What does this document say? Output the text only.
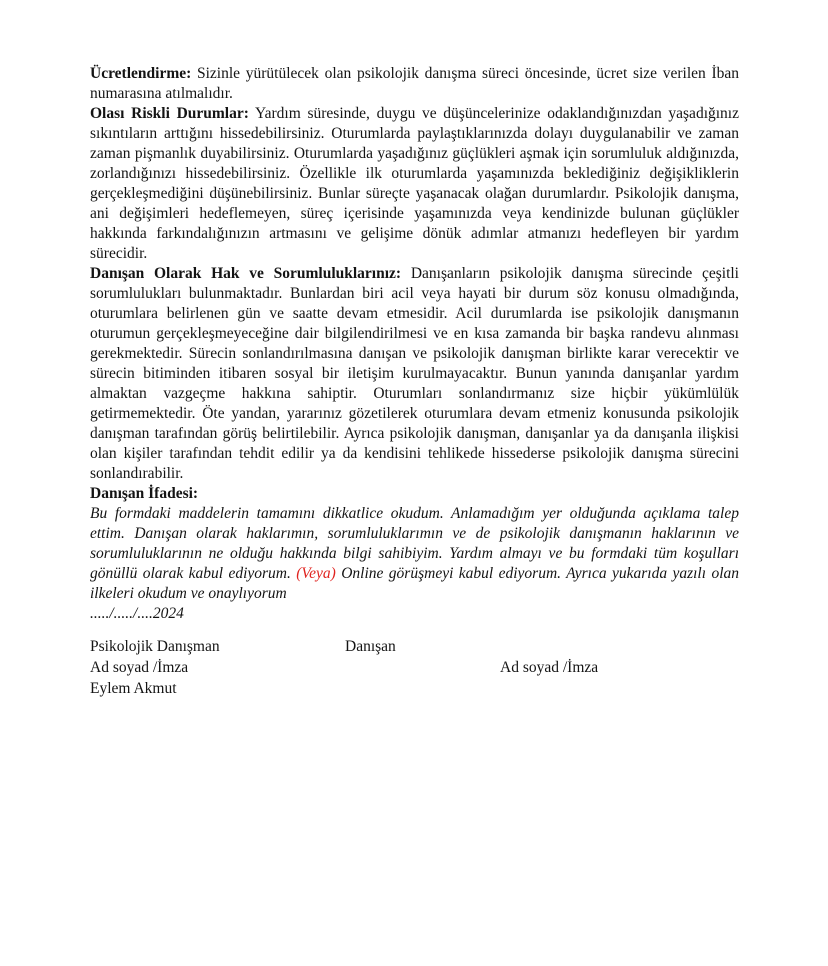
Ücretlendirme: Sizinle yürütülecek olan psikolojik danışma süreci öncesinde, ücret size verilen İban numarasına atılmalıdır.

Olası Riskli Durumlar: Yardım süresinde, duygu ve düşüncelerinize odaklandığınızdan yaşadığınız sıkıntıların arttığını hissedebilirsiniz. Oturumlarda paylaştıklarınızda dolayı duygulanabilir ve zaman zaman pişmanlık duyabilirsiniz. Oturumlarda yaşadığınız güçlükleri aşmak için sorumluluk aldığınızda, zorlandığınızı hissedebilirsiniz. Özellikle ilk oturumlarda yaşamınızda beklediğiniz değişikliklerin gerçekleşmediğini düşünebilirsiniz. Bunlar süreçte yaşanacak olağan durumlardır. Psikolojik danışma, ani değişimleri hedeflemeyen, süreç içerisinde yaşamınızda veya kendinizde bulunan güçlükler hakkında farkındalığınızın artmasını ve gelişime dönük adımlar atmanızı hedefleyen bir yardım sürecidir.

Danışan Olarak Hak ve Sorumluluklarınız: Danışanların psikolojik danışma sürecinde çeşitli sorumlulukları bulunmaktadır. Bunlardan biri acil veya hayati bir durum söz konusu olmadığında, oturumlara belirlenen gün ve saatte devam etmesidir. Acil durumlarda ise psikolojik danışmanın oturumun gerçekleşmeyeceğine dair bilgilendirilmesi ve en kısa zamanda bir başka randevu alınması gerekmektedir. Sürecin sonlandırılmasına danışan ve psikolojik danışman birlikte karar verecektir ve sürecin bitiminden itibaren sosyal bir iletişim kurulmayacaktır. Bunun yanında danışanlar yardım almaktan vazgeçme hakkına sahiptir. Oturumları sonlandırmanız size hiçbir yükümlülük getirmemektedir. Öte yandan, yararınız gözetilerek oturumlara devam etmeniz konusunda psikolojik danışman tarafından görüş belirtilebilir. Ayrıca psikolojik danışman, danışanlar ya da danışanla ilişkisi olan kişiler tarafından tehdit edilir ya da kendisini tehlikede hissederse psikolojik danışma sürecini sonlandırabilir.

Danışan İfadesi:

Bu formdaki maddelerin tamamını dikkatlice okudum. Anlamadığım yer olduğunda açıklama talep ettim. Danışan olarak haklarımın, sorumluluklarımın ve de psikolojik danışmanın haklarının ve sorumluluklarının ne olduğu hakkında bilgi sahibiyim. Yardım almayı ve bu formdaki tüm koşulları gönüllü olarak kabul ediyorum. (Veya) Online görüşmeyi kabul ediyorum. Ayrıca yukarıda yazılı olan ilkeleri okudum ve onaylıyorum

...../...../....2024

Psikolojik Danışman	Danışan
Ad soyad /İmza	Ad soyad /İmza
Eylem Akmut
